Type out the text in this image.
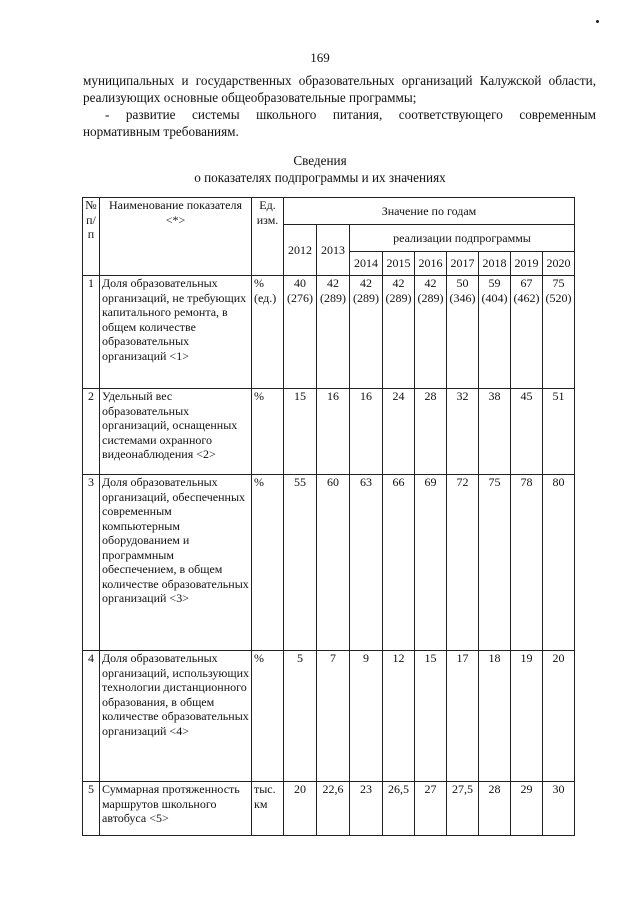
169

муниципальных и государственных образовательных организаций Калужской области, реализующих основные общеобразовательные программы;

- развитие системы школьного питания, соответствующего современным нормативным требованиям.

Сведения
о показателях подпрограммы и их значениях
№ п/п	Наименование показателя <*>	Ед. изм.	Значение по годам								
			2012	2013	реализации подпрограммы						
					2014	2015	2016	2017	2018	2019	2020
1	Доля образовательных организаций, не требующих капитального ремонта, в общем количестве образовательных организаций <1>	% (ед.)	40 (276)	42 (289)	42 (289)	42 (289)	42 (289)	50 (346)	59 (404)	67 (462)	75 (520)
2	Удельный вес образовательных организаций, оснащенных системами охранного видеонаблюдения <2>	%	15	16	16	24	28	32	38	45	51
3	Доля образовательных организаций, обеспеченных современным компьютерным оборудованием и программным обеспечением, в общем количестве образовательных организаций <3>	%	55	60	63	66	69	72	75	78	80
4	Доля образовательных организаций, использующих технологии дистанционного образования, в общем количестве образовательных организаций <4>	%	5	7	9	12	15	17	18	19	20
5	Суммарная протяженность маршрутов школьного автобуса <5>	тыс. км	20	22,6	23	26,5	27	27,5	28	29	30
